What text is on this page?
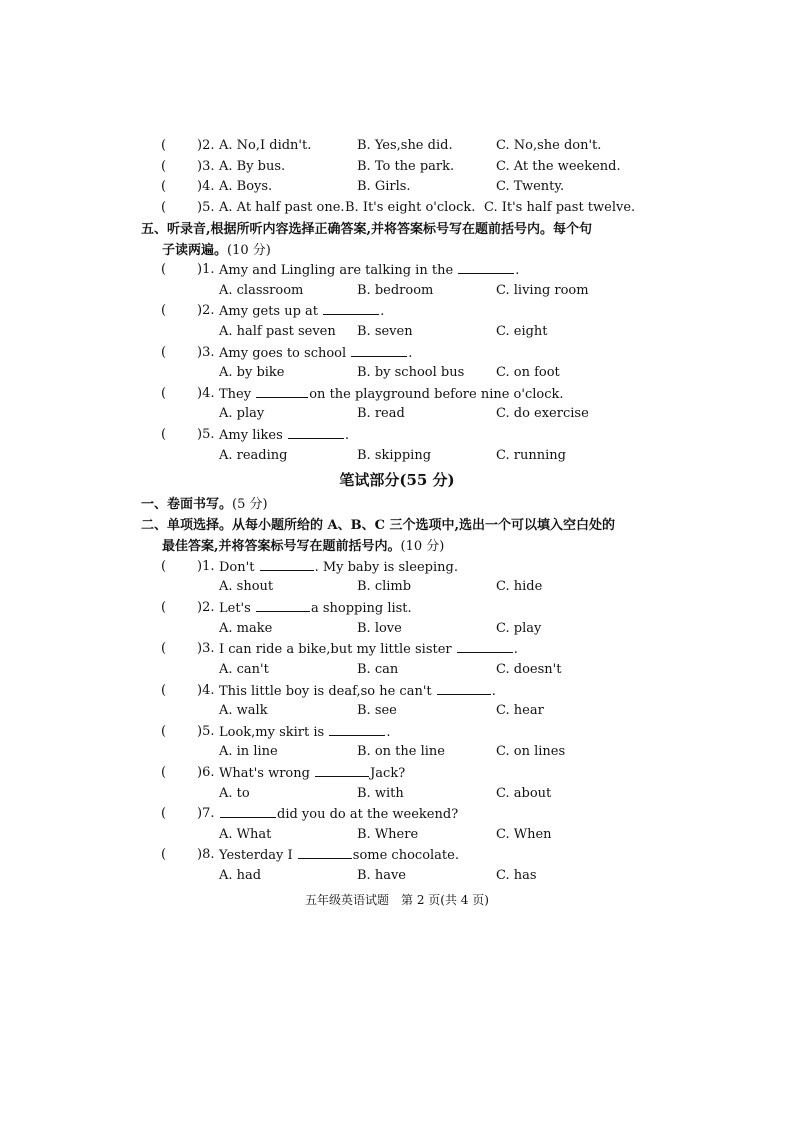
( )2. A. No,I didn't.	B. Yes,she did.	C. No,she don't.
( )3. A. By bus.	B. To the park.	C. At the weekend.
( )4. A. Boys.	B. Girls.	C. Twenty.
( )5. A. At half past one. B. It's eight o'clock. C. It's half past twelve.
五、听录音,根据所听内容选择正确答案,并将答案标号写在题前括号内。每个句
子读两遍。(10 分)
( )1. Amy and Lingling are talking in the	.
A. classroom	B. bedroom	C. living room
( )2. Amy gets up at	.
A. half past seven B. seven	C. eight
( )3. Amy goes to school	.
A. by bike	B. by school bus C. on foot
( )4. They	on the playground before nine o'clock.
A. play	B. read	C. do exercise
( )5. Amy likes	.
A. reading	B. skipping	C. running
笔试部分(55 分)
一、卷面书写。(5 分)
二、单项选择。从每小题所给的 A、B、C 三个选项中,选出一个可以填入空白处的
最佳答案,并将答案标号写在题前括号内。(10 分)
( )1. Don't	. My baby is sleeping.
A. shout	B. climb	C. hide
( )2. Let's	a shopping list.
A. make	B. love	C. play
( )3. I can ride a bike,but my little sister	.
A. can't	B. can	C. doesn't
( )4. This little boy is deaf,so he can't	.
A. walk	B. see	C. hear
( )5. Look,my skirt is	.
A. in line	B. on the line	C. on lines
( )6. What's wrong	Jack?
A. to	B. with	C. about
( )7.	did you do at the weekend?
A. What	B. Where	C. When
( )8. Yesterday I	some chocolate.
A. had	B. have	C. has
五年级英语试题　第 2 页(共 4 页)
